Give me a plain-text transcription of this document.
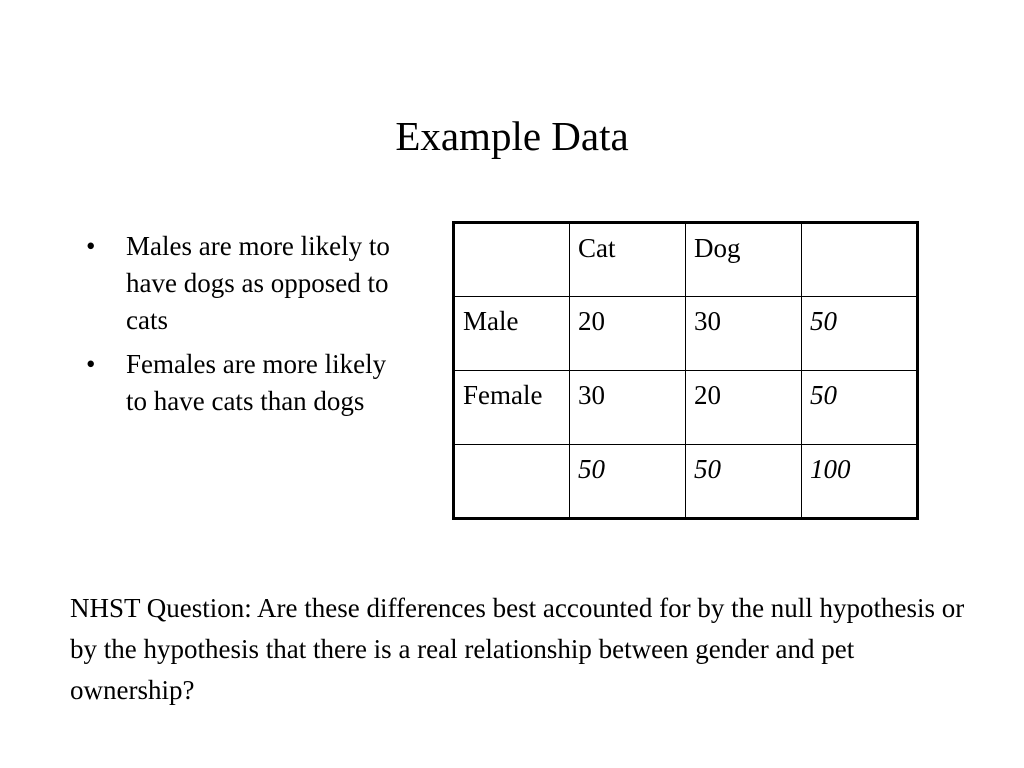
Example Data
• Males are more likely to have dogs as opposed to cats
• Females are more likely to have cats than dogs
	Cat	Dog	
Male	20	30	50
Female	30	20	50
	50	50	100
NHST Question: Are these differences best accounted for by the null hypothesis or by the hypothesis that there is a real relationship between gender and pet ownership?
